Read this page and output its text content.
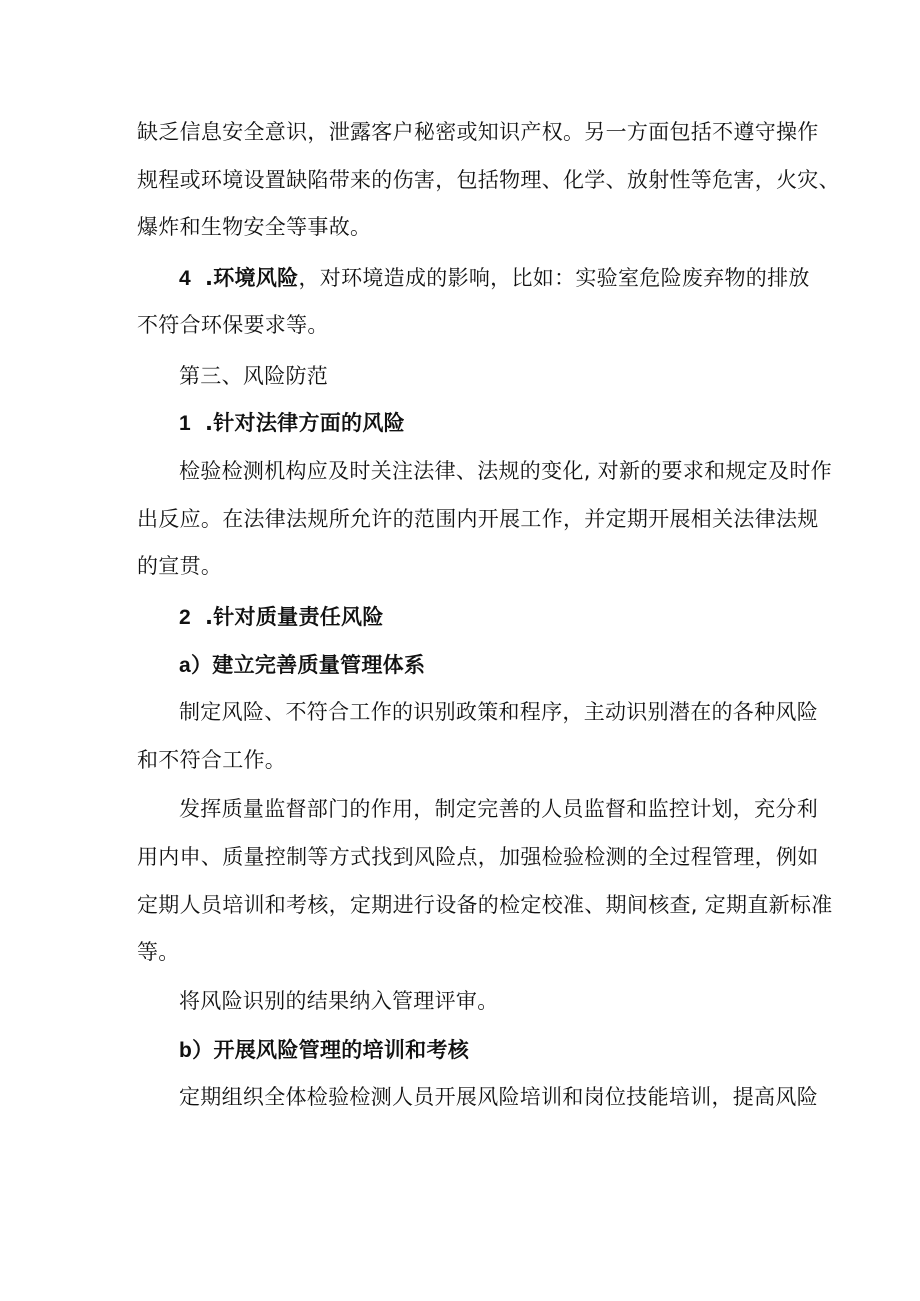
缺乏信息安全意识，泄露客户秘密或知识产权。另一方面包括不遵守操作
规程或环境设置缺陷带来的伤害，包括物理、化学、放射性等危害，火灾、
爆炸和生物安全等事故。
4 .环境风险，对环境造成的影响，比如：实验室危险废弃物的排放
不符合环保要求等。
第三、风险防范
1 .针对法律方面的风险
检验检测机构应及时关注法律、法规的变化, 对新的要求和规定及时作
出反应。在法律法规所允许的范围内开展工作，并定期开展相关法律法规
的宣贯。
2 .针对质量责任风险
a）建立完善质量管理体系
制定风险、不符合工作的识别政策和程序，主动识别潜在的各种风险
和不符合工作。
发挥质量监督部门的作用，制定完善的人员监督和监控计划，充分利
用内申、质量控制等方式找到风险点，加强检验检测的全过程管理，例如
定期人员培训和考核，定期进行设备的检定校准、期间核查, 定期直新标准
等。
将风险识别的结果纳入管理评审。
b）开展风险管理的培训和考核
定期组织全体检验检测人员开展风险培训和岗位技能培训，提高风险
